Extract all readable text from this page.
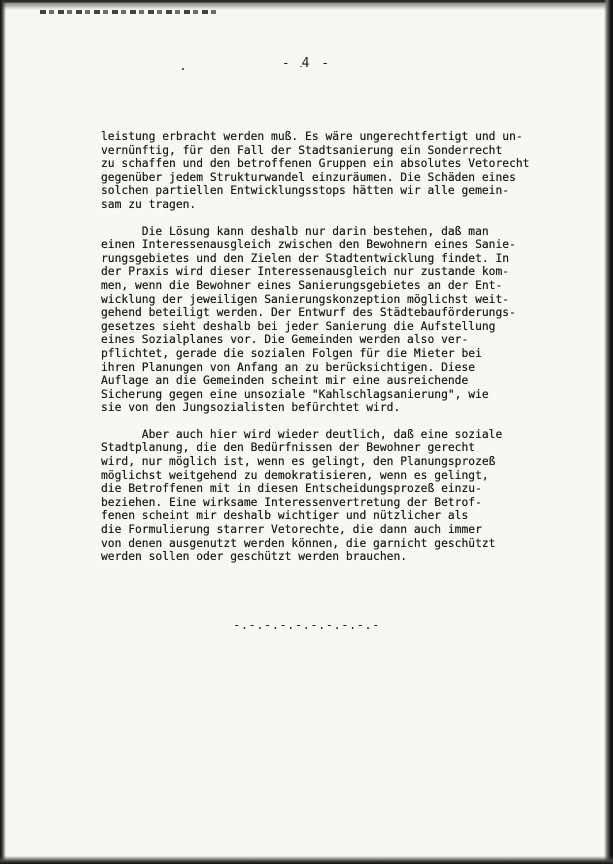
- 4 -
leistung erbracht werden muß. Es wäre ungerechtfertigt und un-
vernünftig, für den Fall der Stadtsanierung ein Sonderrecht
zu schaffen und den betroffenen Gruppen ein absolutes Vetorecht
gegenüber jedem Strukturwandel einzuräumen. Die Schäden eines
solchen partiellen Entwicklungsstops hätten wir alle gemein-
sam zu tragen.
Die Lösung kann deshalb nur darin bestehen, daß man
einen Interessenausgleich zwischen den Bewohnern eines Sanie-
rungsgebietes und den Zielen der Stadtentwicklung findet. In
der Praxis wird dieser Interessenausgleich nur zustande kom-
men, wenn die Bewohner eines Sanierungsgebietes an der Ent-
wicklung der jeweiligen Sanierungskonzeption möglichst weit-
gehend beteiligt werden. Der Entwurf des Städtebauförderungs-
gesetzes sieht deshalb bei jeder Sanierung die Aufstellung
eines Sozialplanes vor. Die Gemeinden werden also ver-
pflichtet, gerade die sozialen Folgen für die Mieter bei
ihren Planungen von Anfang an zu berücksichtigen. Diese
Auflage an die Gemeinden scheint mir eine ausreichende
Sicherung gegen eine unsoziale "Kahlschlagsanierung", wie
sie von den Jungsozialisten befürchtet wird.
Aber auch hier wird wieder deutlich, daß eine soziale
Stadtplanung, die den Bedürfnissen der Bewohner gerecht
wird, nur möglich ist, wenn es gelingt, den Planungsprozeß
möglichst weitgehend zu demokratisieren, wenn es gelingt,
die Betroffenen mit in diesen Entscheidungsprozeß einzu-
beziehen. Eine wirksame Interessenvertretung der Betrof-
fenen scheint mir deshalb wichtiger und nützlicher als
die Formulierung starrer Vetorechte, die dann auch immer
von denen ausgenutzt werden können, die garnicht geschützt
werden sollen oder geschützt werden brauchen.
-.-.-.-.-.-.-.-.-.-
